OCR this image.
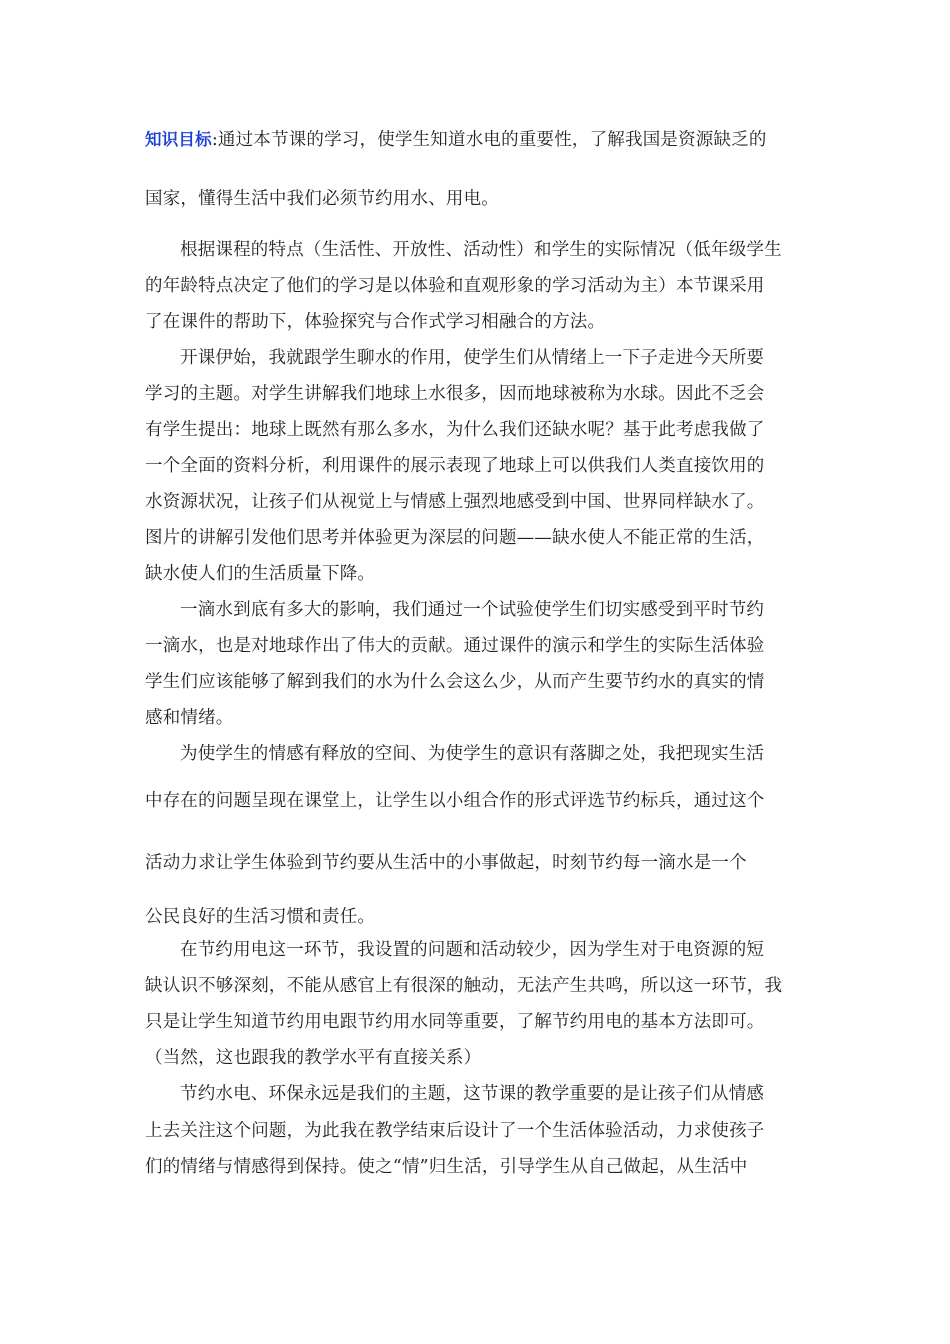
知识目标:通过本节课的学习，使学生知道水电的重要性，了解我国是资源缺乏的
国家，懂得生活中我们必须节约用水、用电。
根据课程的特点（生活性、开放性、活动性）和学生的实际情况（低年级学生
的年龄特点决定了他们的学习是以体验和直观形象的学习活动为主）本节课采用
了在课件的帮助下，体验探究与合作式学习相融合的方法。
开课伊始，我就跟学生聊水的作用，使学生们从情绪上一下子走进今天所要
学习的主题。对学生讲解我们地球上水很多，因而地球被称为水球。因此不乏会
有学生提出：地球上既然有那么多水，为什么我们还缺水呢？基于此考虑我做了
一个全面的资料分析，利用课件的展示表现了地球上可以供我们人类直接饮用的
水资源状况，让孩子们从视觉上与情感上强烈地感受到中国、世界同样缺水了。
图片的讲解引发他们思考并体验更为深层的问题——缺水使人不能正常的生活，
缺水使人们的生活质量下降。
一滴水到底有多大的影响，我们通过一个试验使学生们切实感受到平时节约
一滴水，也是对地球作出了伟大的贡献。通过课件的演示和学生的实际生活体验
学生们应该能够了解到我们的水为什么会这么少，从而产生要节约水的真实的情
感和情绪。
为使学生的情感有释放的空间、为使学生的意识有落脚之处，我把现实生活
中存在的问题呈现在课堂上，让学生以小组合作的形式评选节约标兵，通过这个
活动力求让学生体验到节约要从生活中的小事做起，时刻节约每一滴水是一个
公民良好的生活习惯和责任。
在节约用电这一环节，我设置的问题和活动较少，因为学生对于电资源的短
缺认识不够深刻，不能从感官上有很深的触动，无法产生共鸣，所以这一环节，我
只是让学生知道节约用电跟节约用水同等重要，了解节约用电的基本方法即可。
（当然，这也跟我的教学水平有直接关系）
节约水电、环保永远是我们的主题，这节课的教学重要的是让孩子们从情感
上去关注这个问题，为此我在教学结束后设计了一个生活体验活动，力求使孩子
们的情绪与情感得到保持。使之“情”归生活，引导学生从自己做起，从生活中
